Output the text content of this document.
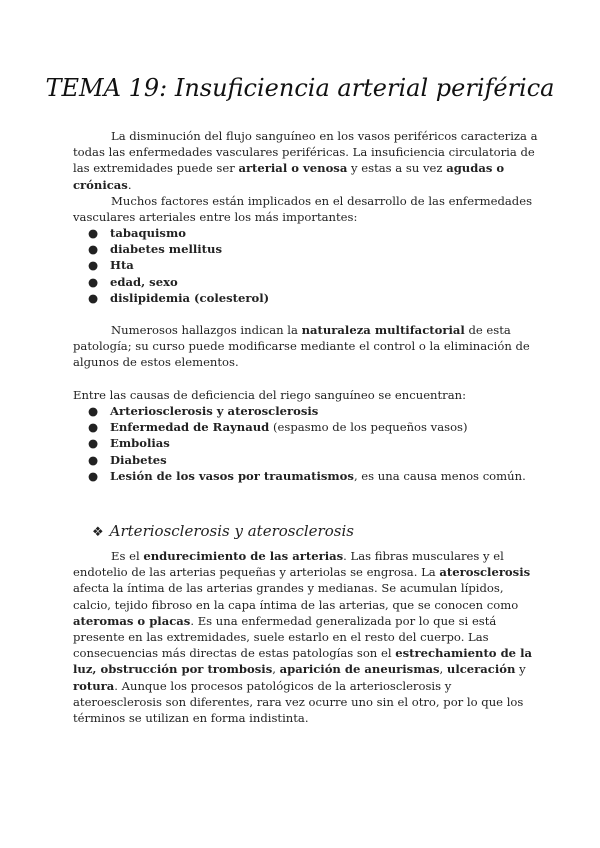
TEMA 19: Insuficiencia arterial periférica

La disminución del flujo sanguíneo en los vasos periféricos caracteriza a todas las enfermedades vasculares periféricas. La insuficiencia circulatoria de las extremidades puede ser arterial o venosa y estas a su vez agudas o crónicas.

Muchos factores están implicados en el desarrollo de las enfermedades vasculares arteriales entre los más importantes:

● tabaquismo
● diabetes mellitus
● Hta
● edad, sexo
● dislipidemia (colesterol)

Numerosos hallazgos indican la naturaleza multifactorial de esta patología; su curso puede modificarse mediante el control o la eliminación de algunos de estos elementos.

Entre las causas de deficiencia del riego sanguíneo se encuentran:

● Arteriosclerosis y aterosclerosis
● Enfermedad de Raynaud (espasmo de los pequeños vasos)
● Embolias
● Diabetes
● Lesión de los vasos por traumatismos, es una causa menos común.
❖ Arteriosclerosis y aterosclerosis

Es el endurecimiento de las arterias. Las fibras musculares y el endotelio de las arterias pequeñas y arteriolas se engrosa. La aterosclerosis afecta la íntima de las arterias grandes y medianas. Se acumulan lípidos, calcio, tejido fibroso en la capa íntima de las arterias, que se conocen como ateromas o placas. Es una enfermedad generalizada por lo que si está presente en las extremidades, suele estarlo en el resto del cuerpo. Las consecuencias más directas de estas patologías son el estrechamiento de la luz, obstrucción por trombosis, aparición de aneurismas, ulceración y rotura. Aunque los procesos patológicos de la arteriosclerosis y ateroesclerosis son diferentes, rara vez ocurre uno sin el otro, por lo que los términos se utilizan en forma indistinta.
